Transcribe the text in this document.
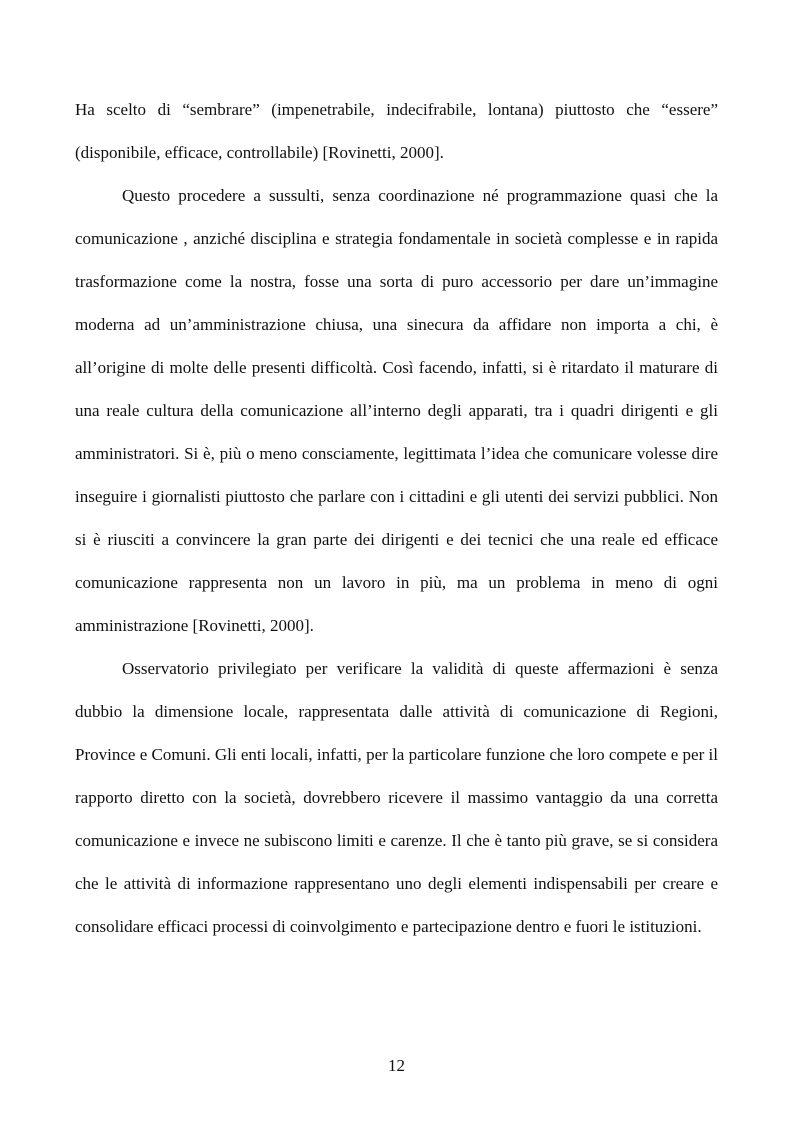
Ha scelto di “sembrare” (impenetrabile, indecifrabile, lontana) piuttosto che “essere” (disponibile, efficace, controllabile) [Rovinetti, 2000].

Questo procedere a sussulti, senza coordinazione né programmazione quasi che la comunicazione , anziché disciplina e strategia fondamentale in società complesse e in rapida trasformazione come la nostra, fosse una sorta di puro accessorio per dare un’immagine moderna ad un’amministrazione chiusa, una sinecura da affidare non importa a chi, è all’origine di molte delle presenti difficoltà. Così facendo, infatti, si è ritardato il maturare di una reale cultura della comunicazione all’interno degli apparati, tra i quadri dirigenti e gli amministratori. Si è, più o meno consciamente, legittimata l’idea che comunicare volesse dire inseguire i giornalisti piuttosto che parlare con i cittadini e gli utenti dei servizi pubblici. Non si è riusciti a convincere la gran parte dei dirigenti e dei tecnici che una reale ed efficace comunicazione rappresenta non un lavoro in più, ma un problema in meno di ogni amministrazione [Rovinetti, 2000].

Osservatorio privilegiato per verificare la validità di queste affermazioni è senza dubbio la dimensione locale, rappresentata dalle attività di comunicazione di Regioni, Province e Comuni. Gli enti locali, infatti, per la particolare funzione che loro compete e per il rapporto diretto con la società, dovrebbero ricevere il massimo vantaggio da una corretta comunicazione e invece ne subiscono limiti e carenze. Il che è tanto più grave, se si considera che le attività di informazione rappresentano uno degli elementi indispensabili per creare e consolidare efficaci processi di coinvolgimento e partecipazione dentro e fuori le istituzioni.

12
